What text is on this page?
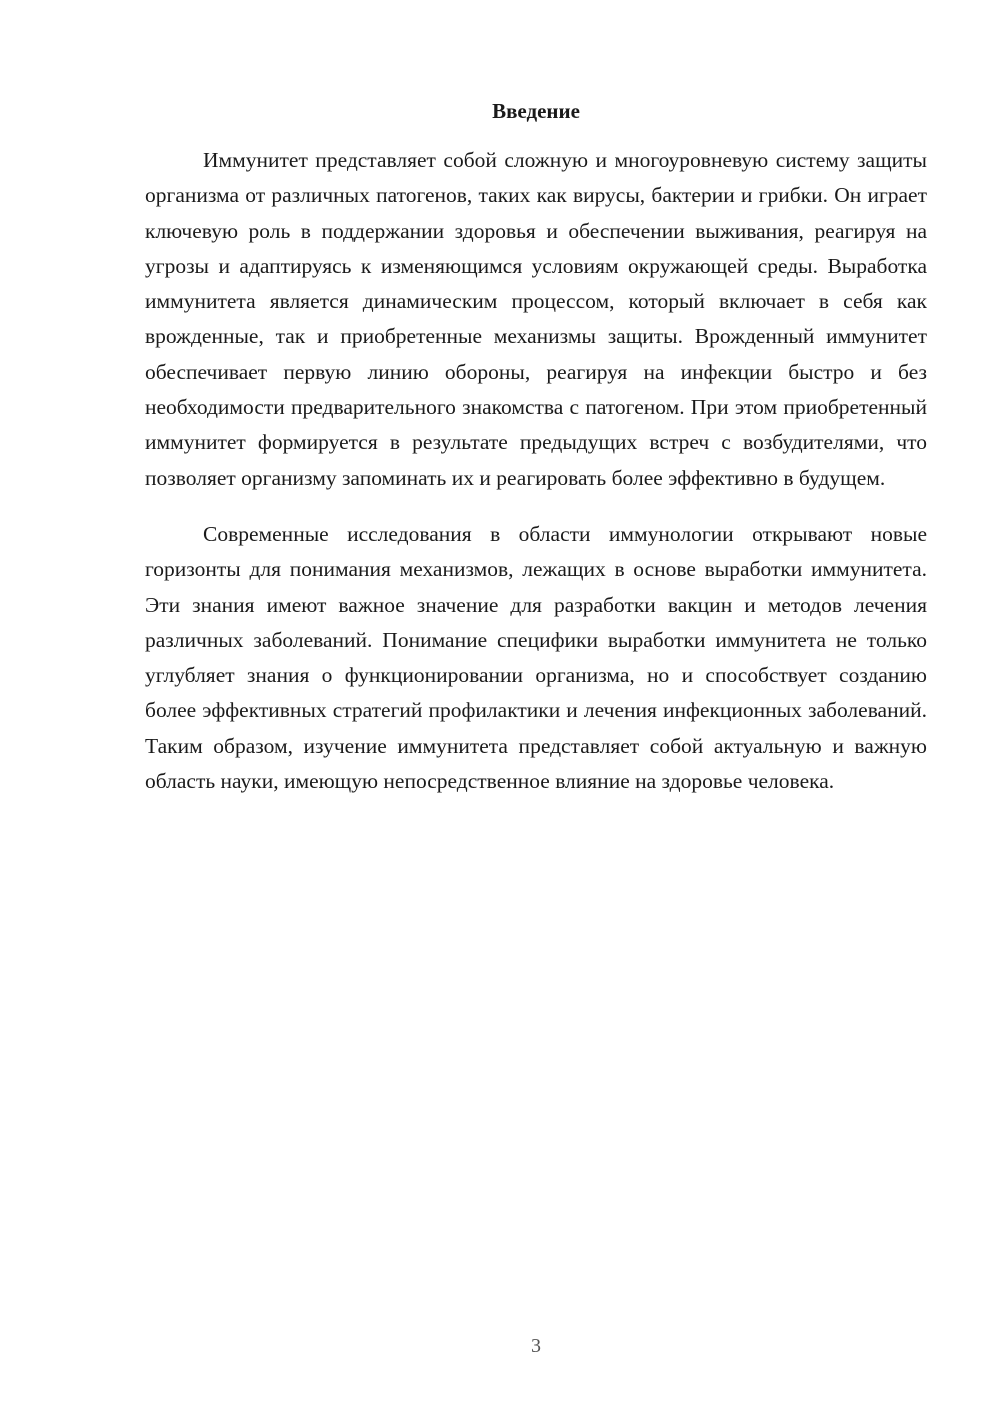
Введение

Иммунитет представляет собой сложную и многоуровневую систему защиты организма от различных патогенов, таких как вирусы, бактерии и грибки. Он играет ключевую роль в поддержании здоровья и обеспечении выживания, реагируя на угрозы и адаптируясь к изменяющимся условиям окружающей среды. Выработка иммунитета является динамическим процессом, который включает в себя как врожденные, так и приобретенные механизмы защиты. Врожденный иммунитет обеспечивает первую линию обороны, реагируя на инфекции быстро и без необходимости предварительного знакомства с патогеном. При этом приобретенный иммунитет формируется в результате предыдущих встреч с возбудителями, что позволяет организму запоминать их и реагировать более эффективно в будущем.

Современные исследования в области иммунологии открывают новые горизонты для понимания механизмов, лежащих в основе выработки иммунитета. Эти знания имеют важное значение для разработки вакцин и методов лечения различных заболеваний. Понимание специфики выработки иммунитета не только углубляет знания о функционировании организма, но и способствует созданию более эффективных стратегий профилактики и лечения инфекционных заболеваний. Таким образом, изучение иммунитета представляет собой актуальную и важную область науки, имеющую непосредственное влияние на здоровье человека.

3
